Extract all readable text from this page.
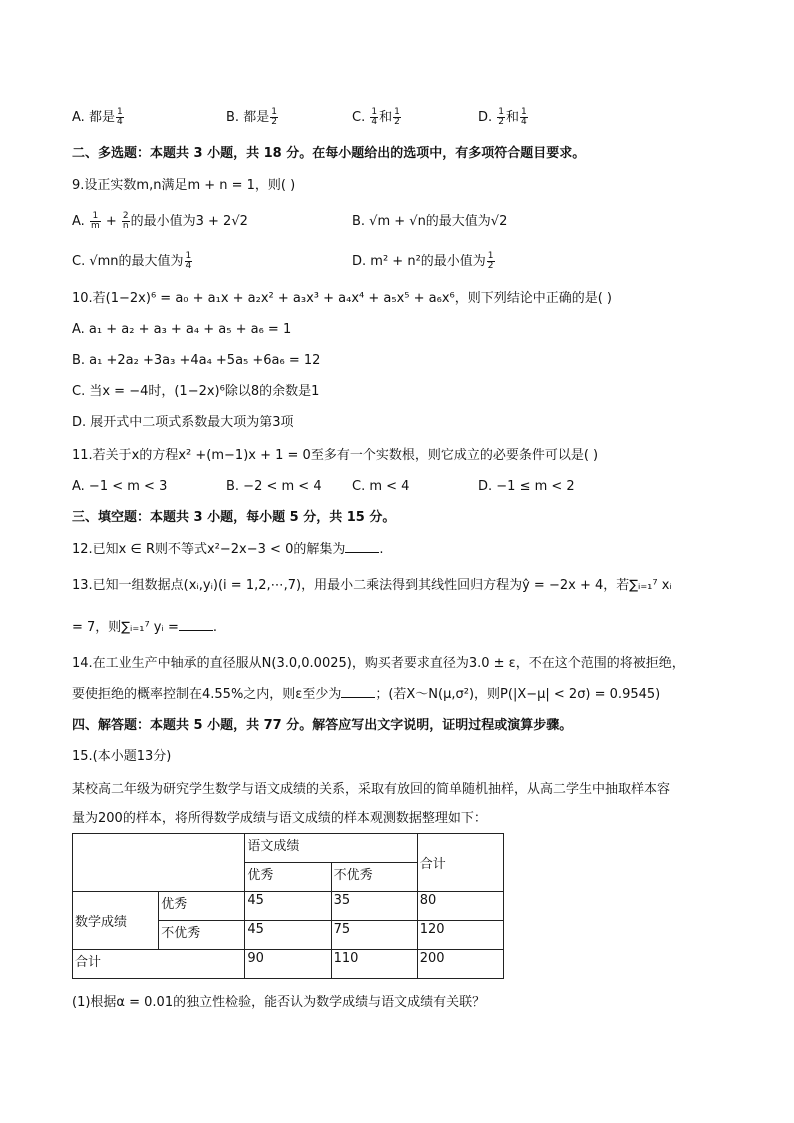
A. 都是 $\frac{1}{4}$	B. 都是 $\frac{1}{2}$	C. $\frac{1}{4}$ 和 $\frac{1}{2}$	D. $\frac{1}{2}$ 和 $\frac{1}{4}$
二、多选题：本题共 3 小题，共 18 分。在每小题给出的选项中，有多项符合题目要求。
9.设正实数m,n满足m + n = 1，则( )
A. $\frac{1}{m} + \frac{2}{n}$ 的最小值为3 + 2√2	B. √m + √n的最大值为√2
C. √mn的最大值为 $\frac{1}{4}$	D. m² + n²的最小值为 $\frac{1}{2}$
10.若(1−2x)⁶ = a₀ + a₁x + a₂x² + a₃x³ + a₄x⁴ + a₅x⁵ + a₆x⁶，则下列结论中正确的是( )
A. a₁ + a₂ + a₃ + a₄ + a₅ + a₆ = 1
B. a₁ +2a₂ +3a₃ +4a₄ +5a₅ +6a₆ = 12
C. 当x = −4时，(1−2x)⁶除以8的余数是1
D. 展开式中二项式系数最大项为第3项
11.若关于x的方程x² +(m−1)x + 1 = 0至多有一个实数根，则它成立的必要条件可以是( )
A. −1 < m < 3	B. −2 < m < 4 C. m < 4	D. −1 ≤ m < 2
三、填空题：本题共 3 小题，每小题 5 分，共 15 分。
12.已知x ∈ R则不等式x²−2x−3 < 0的解集为	.
13.已知一组数据点(xᵢ,yᵢ)(i = 1,2,⋯,7)，用最小二乘法得到其线性回归方程为ŷ = −2x + 4，若∑ᵢ₌₁⁷ xᵢ
= 7，则∑ᵢ₌₁⁷ yᵢ =	.
14.在工业生产中轴承的直径服从N(3.0,0.0025)，购买者要求直径为3.0 ± ε，不在这个范围的将被拒绝，
要使拒绝的概率控制在4.55%之内，则ε至少为	；(若X～N(μ,σ²)，则P(|X−μ| < 2σ) = 0.9545)
四、解答题：本题共 5 小题，共 77 分。解答应写出文字说明，证明过程或演算步骤。
15.(本小题13分)
某校高二年级为研究学生数学与语文成绩的关系，采取有放回的简单随机抽样，从高二学生中抽取样本容
量为200的样本，将所得数学成绩与语文成绩的样本观测数据整理如下：
		语文成绩		合计
		优秀	不优秀	
数学成绩	优秀	45	35	80
	不优秀	45	75	120
合计		90	110	200
(1)根据α = 0.01的独立性检验，能否认为数学成绩与语文成绩有关联？
